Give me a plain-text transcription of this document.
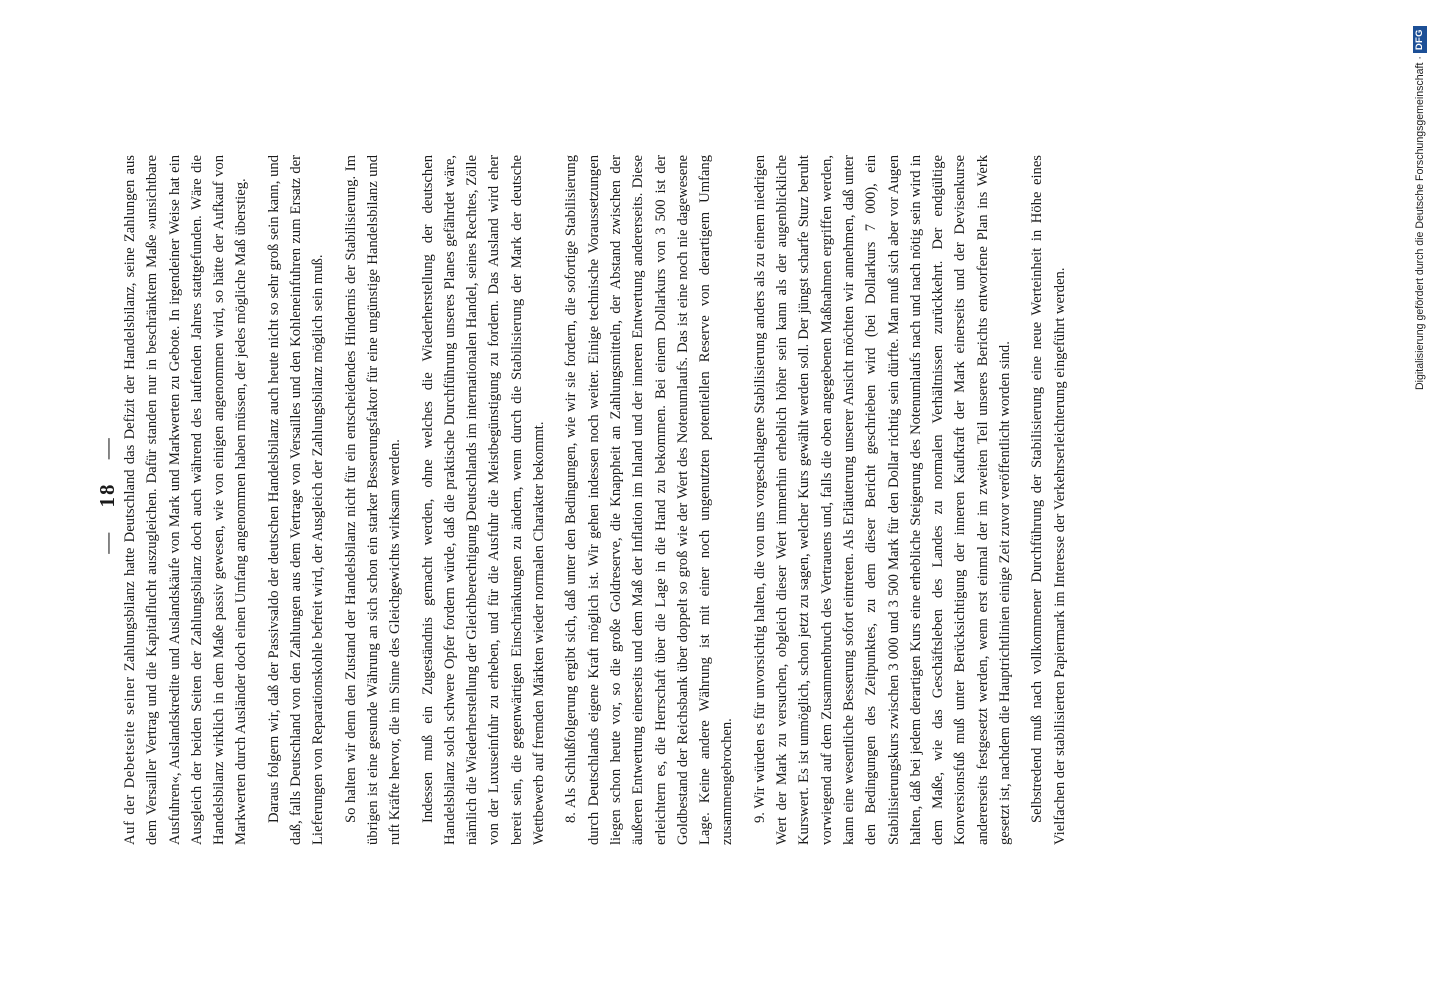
— 18 —

Auf der Debetseite seiner Zahlungsbilanz hatte Deutschland das Defizit der Handelsbilanz, seine Zahlungen aus dem Versailler Vertrag und die Kapitalflucht auszugleichen. Dafür standen nur in beschränktem Maße »unsichtbare Ausfuhren«, Auslandskredite und Auslandskäufe von Mark und Markwerten zu Gebote. In irgendeiner Weise hat ein Ausgleich der beiden Seiten der Zahlungsbilanz doch auch während des laufenden Jahres stattgefunden. Wäre die Handelsbilanz wirklich in dem Maße passiv gewesen, wie von einigen angenommen wird, so hätte der Aufkauf von Markwerten durch Ausländer doch einen Umfang angenommen haben müssen, der jedes mögliche Maß überstieg. Daraus folgern wir, daß der Passivsaldo der deutschen Handelsbilanz auch heute nicht so sehr groß sein kann, und daß, falls Deutschland von den Zahlungen aus dem Vertrage von Versailles und den Kohleneinfuhren zum Ersatz der Lieferungen von Reparationskohle befreit wird, der Ausgleich der Zahlungsbilanz möglich sein muß. So halten wir denn den Zustand der Handelsbilanz nicht für ein entscheidendes Hindernis der Stabilisierung. Im übrigen ist eine gesunde Währung an sich schon ein starker Besserungsfaktor für eine ungünstige Handelsbilanz und ruft Kräfte hervor, die im Sinne des Gleichgewichts wirksam werden. Indessen muß ein Zugeständnis gemacht werden, ohne welches die Wiederherstellung der deutschen Handelsbilanz solch schwere Opfer fordern würde, daß die praktische Durchführung unseres Planes gefährdet wäre, nämlich die Wiederherstellung der Gleichberechtigung Deutschlands im internationalen Handel, seines Rechtes, Zölle von der Luxuseinfuhr zu erheben, und für die Ausfuhr die Meistbegünstigung zu fordern. Das Ausland wird eher bereit sein, die gegenwärtigen Einschränkungen zu ändern, wenn durch die Stabilisierung der Mark der deutsche Wettbewerb auf fremden Märkten wieder normalen Charakter bekommt. 8. Als Schlußfolgerung ergibt sich, daß unter den Bedingungen, wie wir sie fordern, die sofortige Stabilisierung durch Deutschlands eigene Kraft möglich ist. Wir gehen indessen noch weiter. Einige technische Voraussetzungen liegen schon heute vor, so die große Goldreserve, die Knappheit an Zahlungsmitteln, der Abstand zwischen der äußeren Entwertung einerseits und dem Maß der Inflation im Inland und der inneren Entwertung andererseits. Diese erleichtern es, die Herrschaft über die Lage in die Hand zu bekommen. Bei einem Dollarkurs von 3 500 ist der Goldbestand der Reichsbank über doppelt so groß wie der Wert des Notenumlaufs. Das ist eine noch nie dagewesene Lage. Keine andere Währung ist mit einer noch ungenutzten potentiellen Reserve von derartigem Umfang zusammengebrochen. 9. Wir würden es für unvorsichtig halten, die von uns vorgeschlagene Stabilisierung anders als zu einem niedrigen Wert der Mark zu versuchen, obgleich dieser Wert immerhin erheblich höher sein kann als der augenblickliche Kurswert. Es ist unmöglich, schon jetzt zu sagen, welcher Kurs gewählt werden soll. Der jüngst scharfe Sturz beruht vorwiegend auf dem Zusammenbruch des Vertrauens und, falls die oben angegebenen Maßnahmen ergriffen werden, kann eine wesentliche Besserung sofort eintreten. Als Erläuterung unserer Ansicht möchten wir annehmen, daß unter den Bedingungen des Zeitpunktes, zu dem dieser Bericht geschrieben wird (bei Dollarkurs 7 000), ein Stabilisierungskurs zwischen 3 000 und 3 500 Mark für den Dollar richtig sein dürfte. Man muß sich aber vor Augen halten, daß bei jedem derartigen Kurs eine erhebliche Steigerung des Notenumlaufs nach und nach nötig sein wird in dem Maße, wie das Geschäftsleben des Landes zu normalen Verhältnissen zurückkehrt. Der endgültige Konversionsfuß muß unter Berücksichtigung der inneren Kaufkraft der Mark einerseits und der Devisenkurse andererseits festgesetzt werden, wenn erst einmal der im zweiten Teil unseres Berichts entworfene Plan ins Werk gesetzt ist, nachdem die Hauptrichtlinien einige Zeit zuvor veröffentlicht worden sind. Selbstredend muß nach vollkommener Durchführung der Stabilisierung eine neue Werteinheit in Höhe eines Vielfachen der stabilisierten Papiermark im Interesse der Verkehrserleichterung eingeführt werden.

Digitalisierung gefördert durch die Deutsche Forschungsgemeinschaft ·
DFG
